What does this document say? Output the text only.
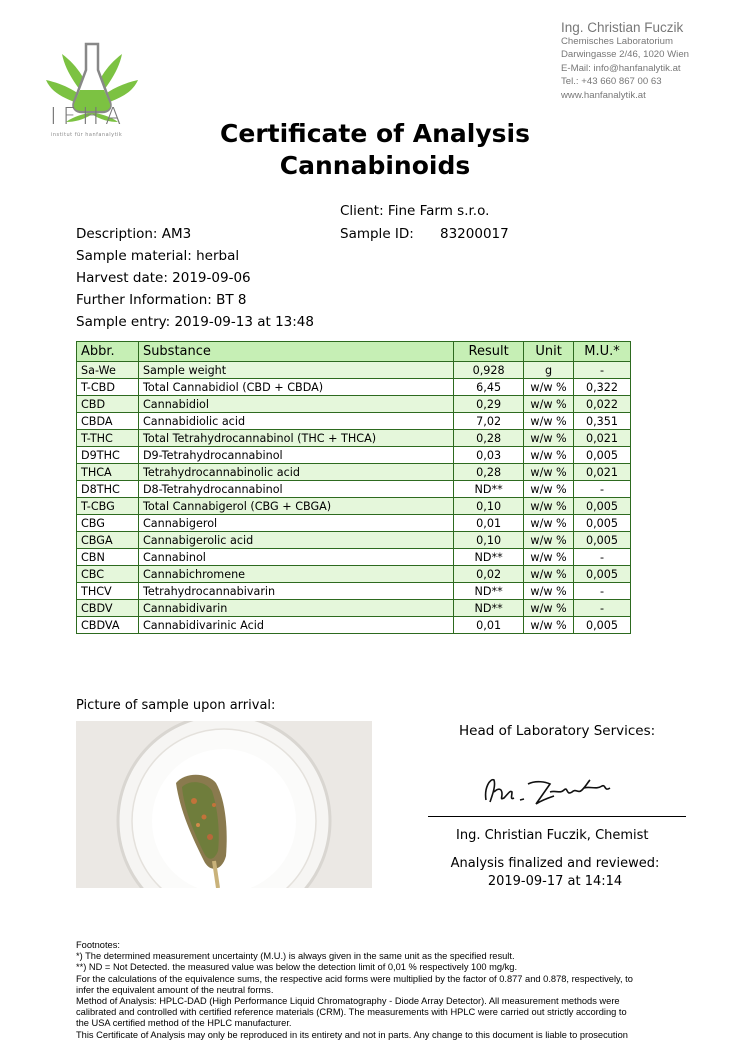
IFHA
institut für hanfanalytik
Ing. Christian Fuczik
Chemisches Laboratorium
Darwingasse 2/46, 1020 Wien
E-Mail: info@hanfanalytik.at
Tel.: +43 660 867 00 63
www.hanfanalytik.at
Certificate of Analysis
Cannabinoids
Client: Fine Farm s.r.o.
Description: AM3	Sample ID: 83200017
Sample material: herbal
Harvest date: 2019-09-06
Further Information: BT 8
Sample entry: 2019-09-13 at 13:48
Abbr.	Substance	Result	Unit	M.U.*
Sa-We	Sample weight	0,928	g	-
T-CBD	Total Cannabidiol (CBD + CBDA)	6,45	w/w %	0,322
CBD	Cannabidiol	0,29	w/w %	0,022
CBDA	Cannabidiolic acid	7,02	w/w %	0,351
T-THC	Total Tetrahydrocannabinol (THC + THCA)	0,28	w/w %	0,021
D9THC	D9-Tetrahydrocannabinol	0,03	w/w %	0,005
THCA	Tetrahydrocannabinolic acid	0,28	w/w %	0,021
D8THC	D8-Tetrahydrocannabinol	ND**	w/w %	-
T-CBG	Total Cannabigerol (CBG + CBGA)	0,10	w/w %	0,005
CBG	Cannabigerol	0,01	w/w %	0,005
CBGA	Cannabigerolic acid	0,10	w/w %	0,005
CBN	Cannabinol	ND**	w/w %	-
CBC	Cannabichromene	0,02	w/w %	0,005
THCV	Tetrahydrocannabivarin	ND**	w/w %	-
CBDV	Cannabidivarin	ND**	w/w %	-
CBDVA	Cannabidivarinic Acid	0,01	w/w %	0,005
Picture of sample upon arrival:
Head of Laboratory Services:
Ing. Christian Fuczik, Chemist
Analysis finalized and reviewed:
2019-09-17 at 14:14
Footnotes:
*) The determined measurement uncertainty (M.U.) is always given in the same unit as the specified result.
**) ND = Not Detected. the measured value was below the detection limit of 0,01 % respectively 100 mg/kg.
For the calculations of the equivalence sums, the respective acid forms were multiplied by the factor of 0.877 and 0.878, respectively, to
infer the equivalent amount of the neutral forms.
Method of Analysis: HPLC-DAD (High Performance Liquid Chromatography - Diode Array Detector). All measurement methods were
calibrated and controlled with certified reference materials (CRM). The measurements with HPLC were carried out strictly according to
the USA certified method of the HPLC manufacturer.
This Certificate of Analysis may only be reproduced in its entirety and not in parts. Any change to this document is liable to prosecution
